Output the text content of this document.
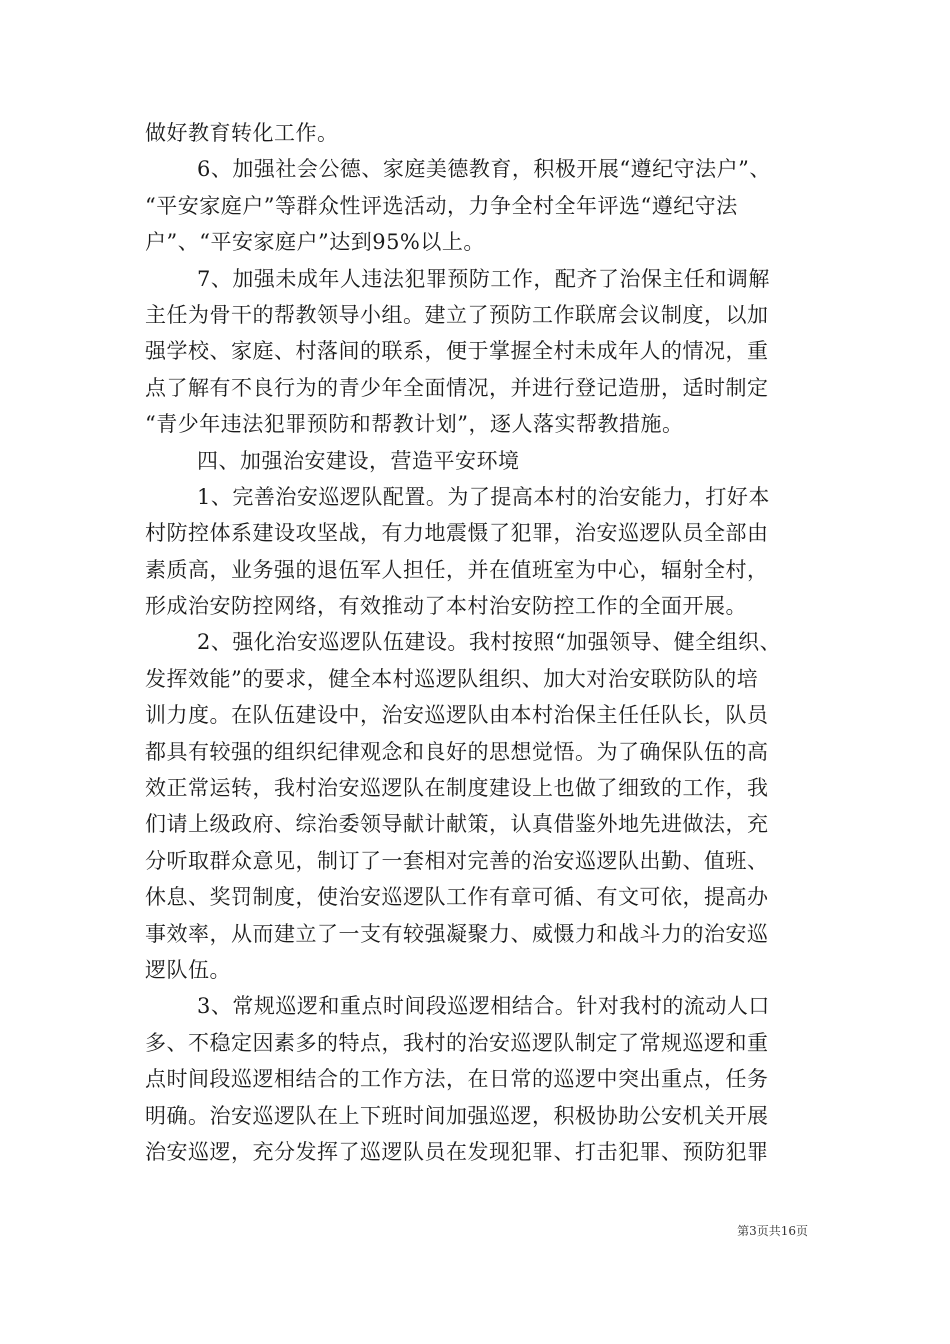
做好教育转化工作。
6、加强社会公德、家庭美德教育，积极开展“遵纪守法户”、
“平安家庭户”等群众性评选活动，力争全村全年评选“遵纪守法
户”、“平安家庭户”达到95%以上。
7、加强未成年人违法犯罪预防工作，配齐了治保主任和调解
主任为骨干的帮教领导小组。建立了预防工作联席会议制度，以加
强学校、家庭、村落间的联系，便于掌握全村未成年人的情况，重
点了解有不良行为的青少年全面情况，并进行登记造册，适时制定
“青少年违法犯罪预防和帮教计划”，逐人落实帮教措施。
四、加强治安建设，营造平安环境
1、完善治安巡逻队配置。为了提高本村的治安能力，打好本
村防控体系建设攻坚战，有力地震慑了犯罪，治安巡逻队员全部由
素质高，业务强的退伍军人担任，并在值班室为中心，辐射全村，
形成治安防控网络，有效推动了本村治安防控工作的全面开展。
2、强化治安巡逻队伍建设。我村按照“加强领导、健全组织、
发挥效能”的要求，健全本村巡逻队组织、加大对治安联防队的培
训力度。在队伍建设中，治安巡逻队由本村治保主任任队长，队员
都具有较强的组织纪律观念和良好的思想觉悟。为了确保队伍的高
效正常运转，我村治安巡逻队在制度建设上也做了细致的工作，我
们请上级政府、综治委领导献计献策，认真借鉴外地先进做法，充
分听取群众意见，制订了一套相对完善的治安巡逻队出勤、值班、
休息、奖罚制度，使治安巡逻队工作有章可循、有文可依，提高办
事效率，从而建立了一支有较强凝聚力、威慑力和战斗力的治安巡
逻队伍。
3、常规巡逻和重点时间段巡逻相结合。针对我村的流动人口
多、不稳定因素多的特点，我村的治安巡逻队制定了常规巡逻和重
点时间段巡逻相结合的工作方法，在日常的巡逻中突出重点，任务
明确。治安巡逻队在上下班时间加强巡逻，积极协助公安机关开展
治安巡逻，充分发挥了巡逻队员在发现犯罪、打击犯罪、预防犯罪
第3页共16页
